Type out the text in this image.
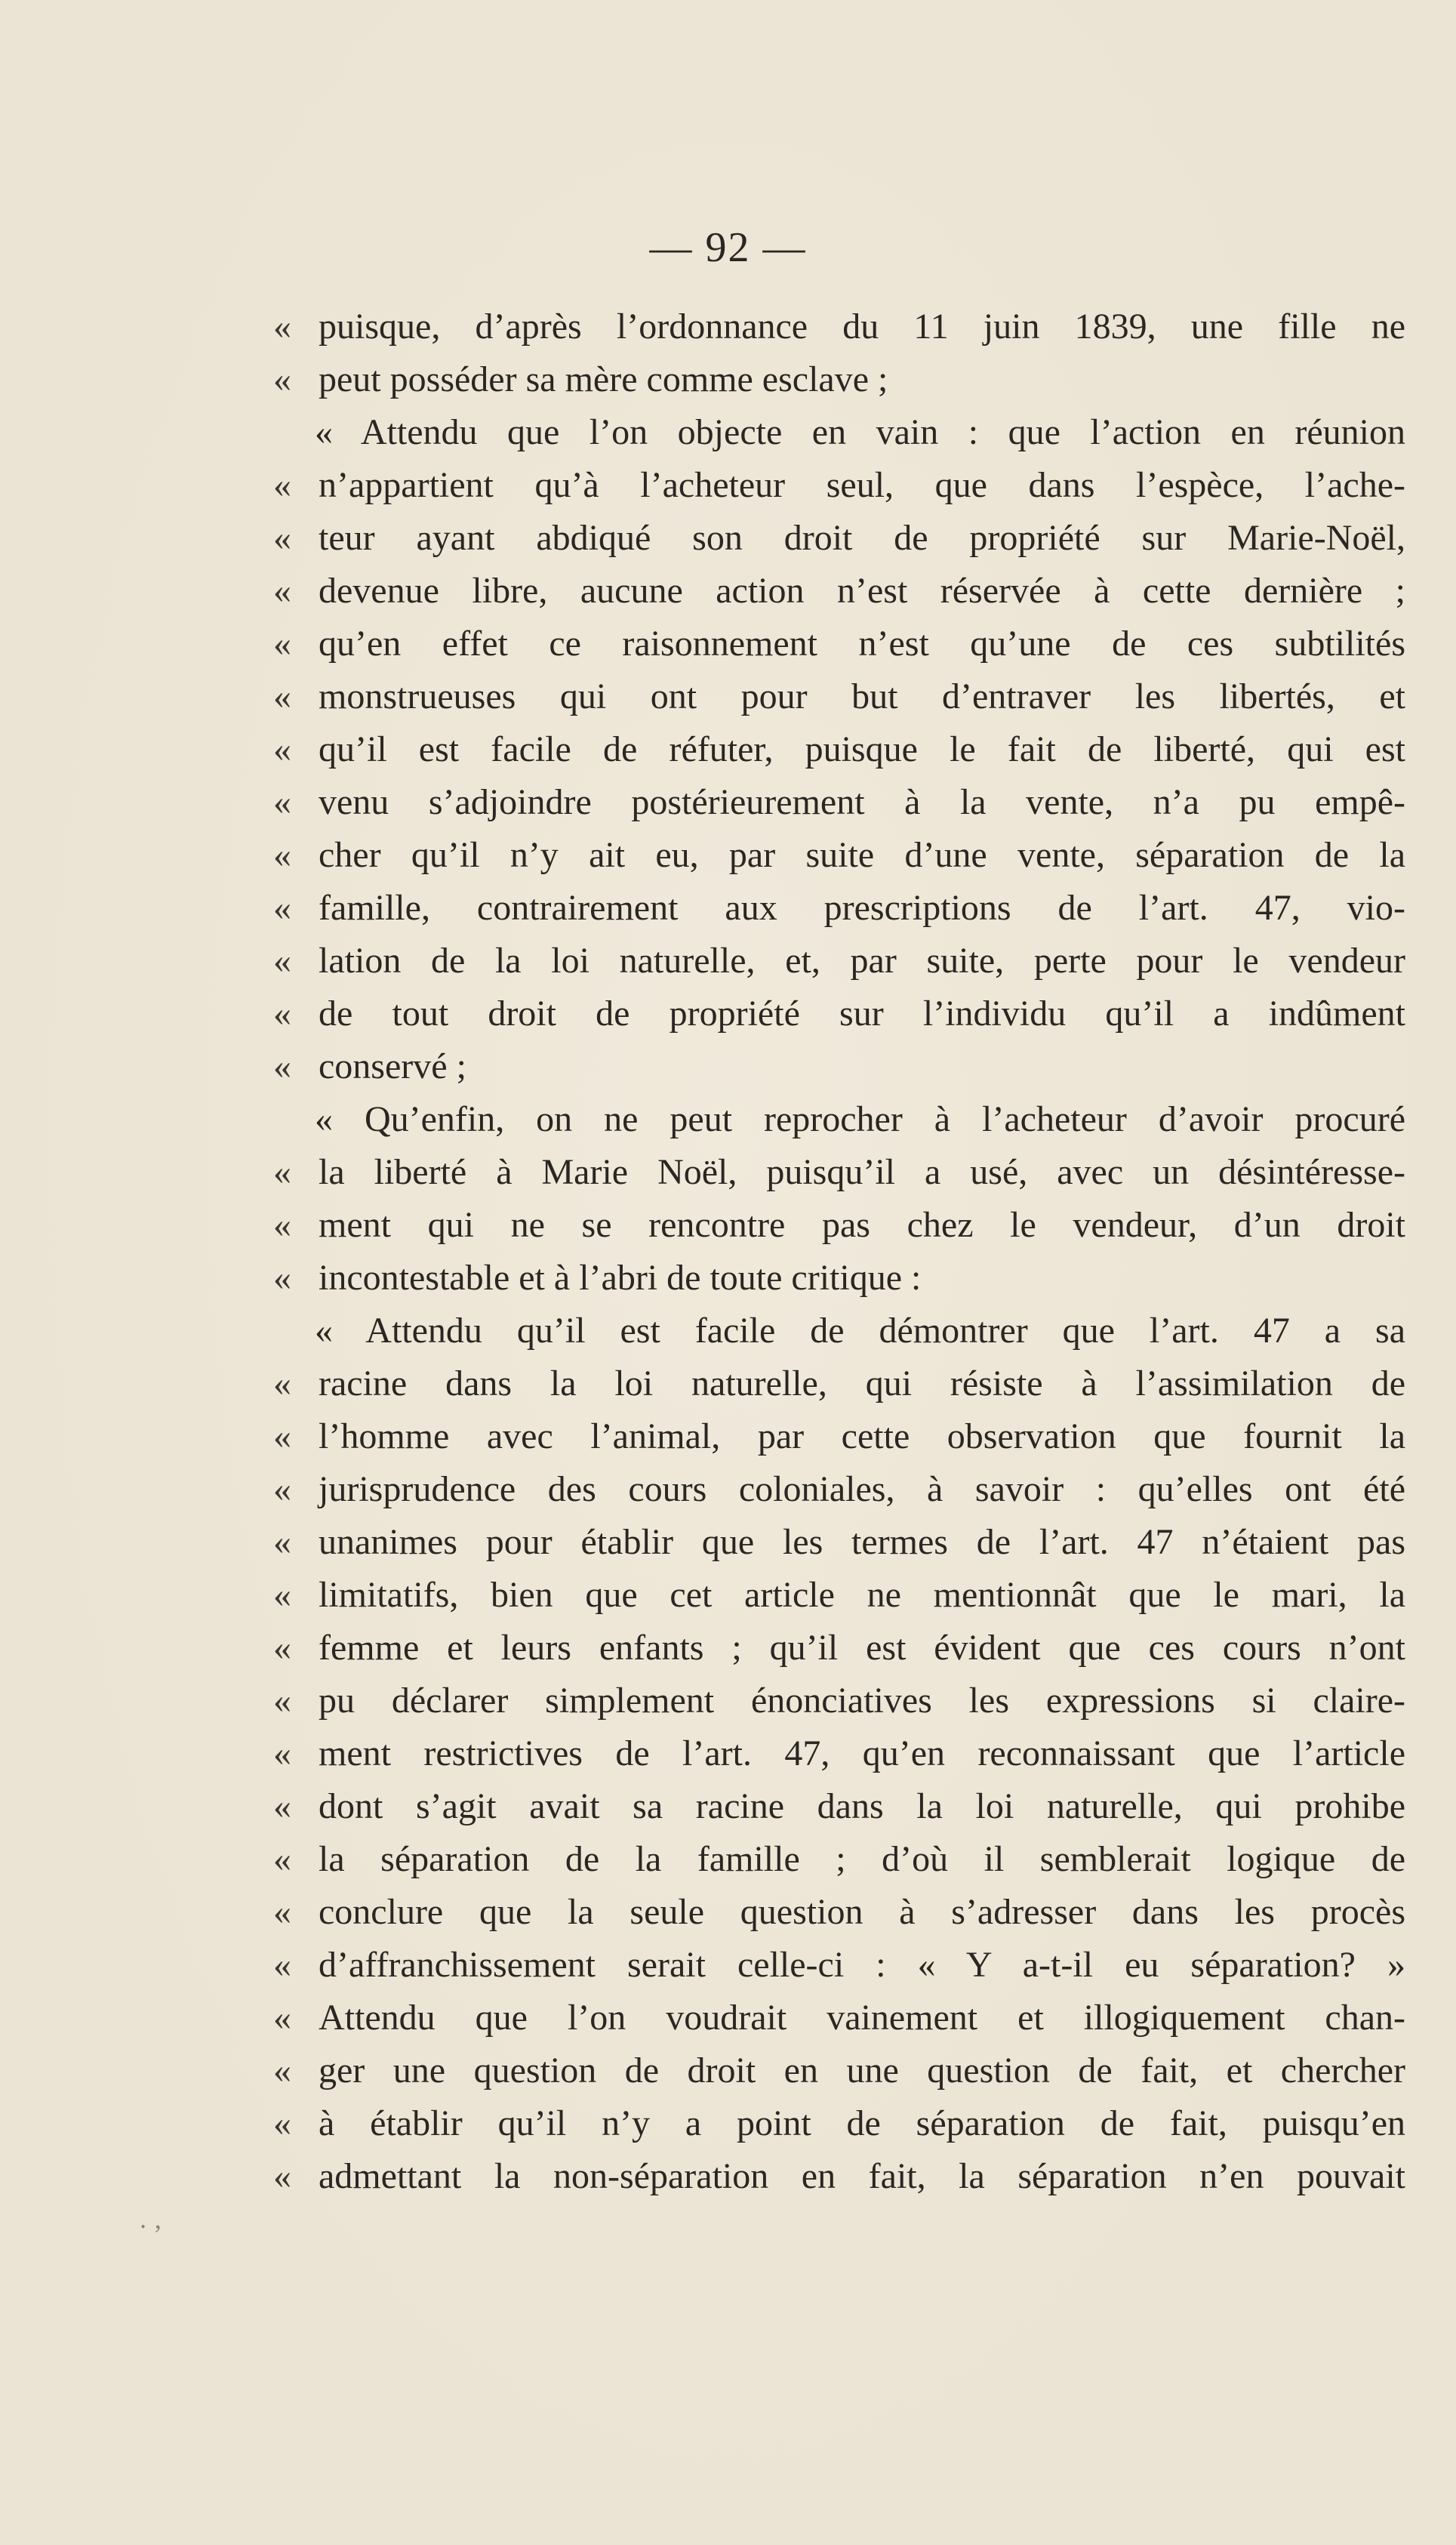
— 92 —
« puisque, d’après l’ordonnance du 11 juin 1839, une fille ne
« peut posséder sa mère comme esclave ;
« Attendu que l’on objecte en vain : que l’action en réunion
« n’appartient qu’à l’acheteur seul, que dans l’espèce, l’ache-
« teur ayant abdiqué son droit de propriété sur Marie-Noël,
« devenue libre, aucune action n’est réservée à cette dernière ;
« qu’en effet ce raisonnement n’est qu’une de ces subtilités
« monstrueuses qui ont pour but d’entraver les libertés, et
« qu’il est facile de réfuter, puisque le fait de liberté, qui est
« venu s’adjoindre postérieurement à la vente, n’a pu empê-
« cher qu’il n’y ait eu, par suite d’une vente, séparation de la
« famille, contrairement aux prescriptions de l’art. 47, vio-
« lation de la loi naturelle, et, par suite, perte pour le vendeur
« de tout droit de propriété sur l’individu qu’il a indûment
« conservé ;
« Qu’enfin, on ne peut reprocher à l’acheteur d’avoir procuré
« la liberté à Marie Noël, puisqu’il a usé, avec un désintéresse-
« ment qui ne se rencontre pas chez le vendeur, d’un droit
« incontestable et à l’abri de toute critique :
« Attendu qu’il est facile de démontrer que l’art. 47 a sa
« racine dans la loi naturelle, qui résiste à l’assimilation de
« l’homme avec l’animal, par cette observation que fournit la
« jurisprudence des cours coloniales, à savoir : qu’elles ont été
« unanimes pour établir que les termes de l’art. 47 n’étaient pas
« limitatifs, bien que cet article ne mentionnât que le mari, la
« femme et leurs enfants ; qu’il est évident que ces cours n’ont
« pu déclarer simplement énonciatives les expressions si claire-
« ment restrictives de l’art. 47, qu’en reconnaissant que l’article
« dont s’agit avait sa racine dans la loi naturelle, qui prohibe
« la séparation de la famille ; d’où il semblerait logique de
« conclure que la seule question à s’adresser dans les procès
« d’affranchissement serait celle-ci : « Y a-t-il eu séparation? »
« Attendu que l’on voudrait vainement et illogiquement chan-
« ger une question de droit en une question de fait, et chercher
« à établir qu’il n’y a point de séparation de fait, puisqu’en
« admettant la non-séparation en fait, la séparation n’en pouvait
. ‚
